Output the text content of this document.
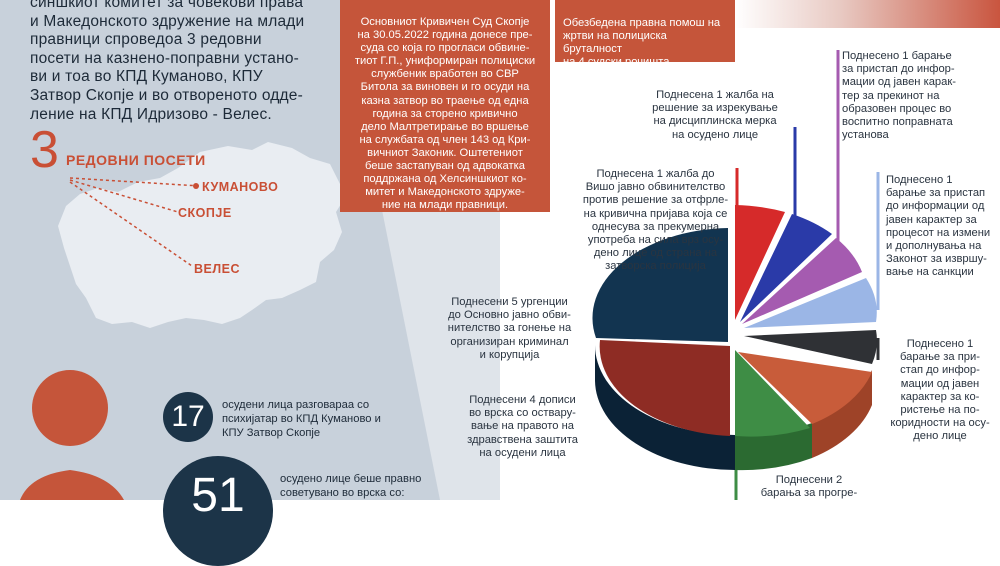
синшкиот комитет за човекови права
и Македонското здружение на млади
правници спроведоа 3 редовни
посети на казнено-поправни устано-
ви и тоа во КПД Куманово, КПУ
Затвор Скопје и во отвореното одде-
ление на КПД Идризово - Велес.
3 РЕДОВНИ ПОСЕТИ
КУМАНОВО
СКОПЈЕ
ВЕЛЕС
Основниот Кривичен Суд Скопје
на 30.05.2022 година донесе пре-
суда со која го прогласи обвине-
тиот Г.П., униформиран полициски
службеник вработен во СВР
Битола за виновен и го осуди на
казна затвор во траење од една
година за сторено кривично
дело Малтретирање во вршење
на службата од член 143 од Кри-
вичниот Законик. Оштетениот
беше застапуван од адвокатка
поддржана од Хелсиншкиот ко-
митет и Македонското здруже-
ние на млади правници.
Обезбедена правна помош на
жртви на полициска бруталност
на 4 судски рочишта.
Поднесена 1 жалба на
решение за изрекување
на дисциплинска мерка
на осудено лице
Поднесено 1 барање
за пристап до инфор-
мации од јавен карак-
тер за прекинот на
образовен процес во
воспитно поправната
установа
Поднесена 1 жалба до
Вишо јавно обвинителство
против решение за отфрле-
на кривична пријава која се
однесува за прекумерна
употреба на сила врз осу-
дено лице од страна на
затворска полиција
Поднесено 1
барање за пристап
до информации од
јавен карактер за
процесот на измени
и дополнувања на
Законот за извршу-
вање на санкции
Поднесени 5 ургенции
до Основно јавно обви-
нителство за гонење на
организиран криминал
и корупција
Поднесено 1
барање за при-
стап до инфор-
мации од јавен
карактер за ко-
ристење на по-
коридности на осу-
дено лице
Поднесени 4 дописи
во врска со оствару-
вање на правото на
здравствена заштита
на осудени лица
Поднесени 2
барања за прогре-
17	осудени лица разговараа со
психијатар во КПД Куманово и
КПУ Затвор Скопје
51	осудено лице беше правно
советувано во врска со:
